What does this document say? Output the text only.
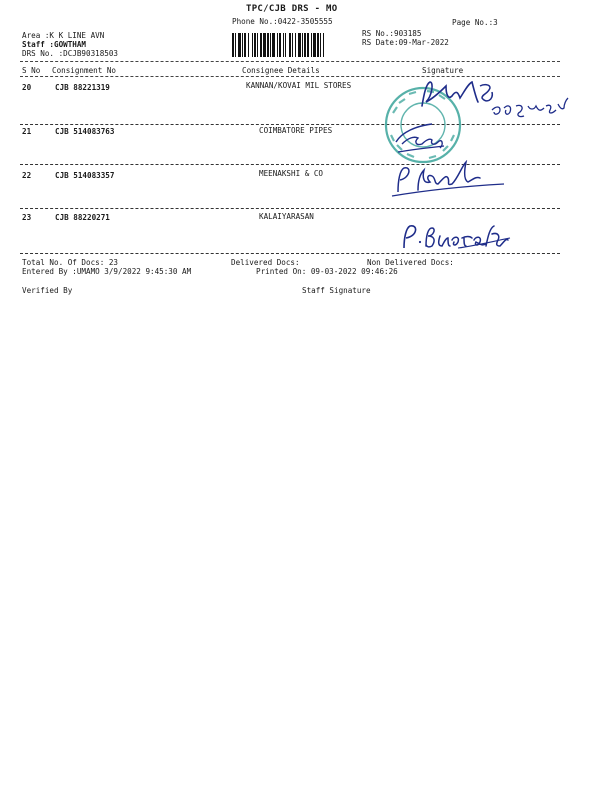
TPC/CJB DRS - MO
Phone No.:0422-3505555	Page No.:3
Area :K K LINE AVN
Staff :GOWTHAM
DRS No. :DCJB90318503
RS No.:903185
RS Date:09-Mar-2022
S No Consignment No	Consignee Details	Signature
20	CJB 88221319	KANNAN/KOVAI MIL STORES
21	CJB 514083763	COIMBATORE PIPES
22	CJB 514083357	MEENAKSHI & CO
23	CJB 88220271	KALAIYARASAN
Total No. Of Docs: 23	Delivered Docs:	Non Delivered Docs:
Entered By :UMAMO 3/9/2022 9:45:30 AM	Printed On: 09-03-2022 09:46:26
Verified By	Staff Signature
